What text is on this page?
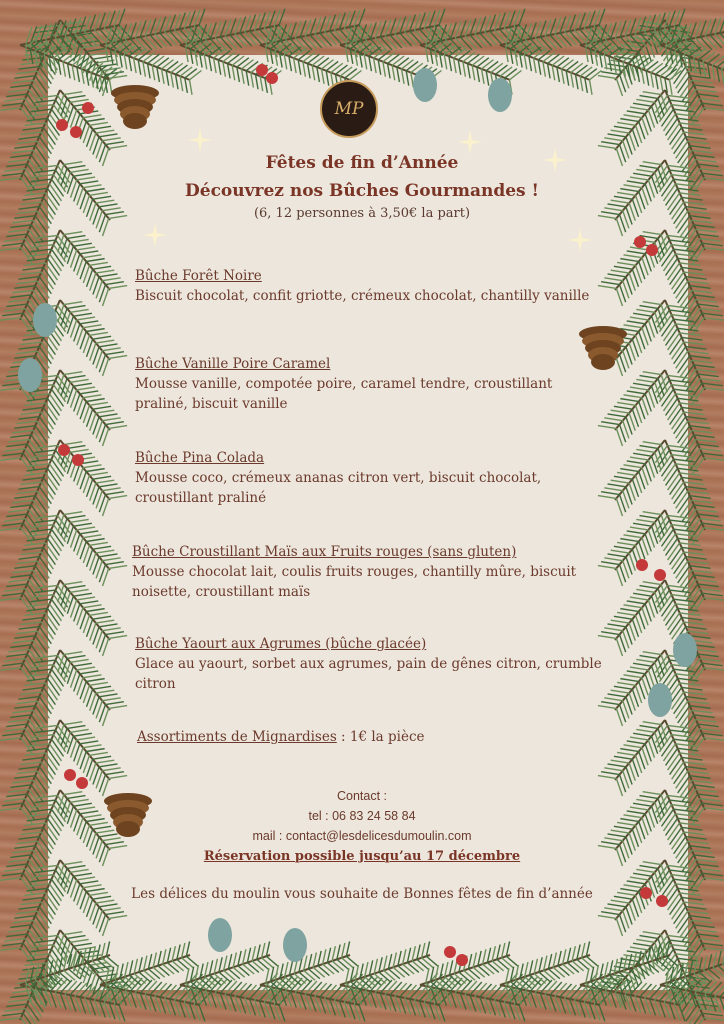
MP
Fêtes de fin d’Année
Découvrez nos Bûches Gourmandes !
(6, 12 personnes à 3,50€ la part)
Bûche Forêt Noire
Biscuit chocolat, confit griotte, crémeux chocolat, chantilly vanille
Bûche Vanille Poire Caramel
Mousse vanille, compotée poire, caramel tendre, croustillant praliné, biscuit vanille
Bûche Pina Colada
Mousse coco, crémeux ananas citron vert, biscuit chocolat, croustillant praliné
Bûche Croustillant Maïs aux Fruits rouges (sans gluten)
Mousse chocolat lait, coulis fruits rouges, chantilly mûre, biscuit noisette, croustillant maïs
Bûche Yaourt aux Agrumes (bûche glacée)
Glace au yaourt, sorbet aux agrumes, pain de gênes citron, crumble citron
Assortiments de Mignardises : 1€ la pièce
Contact :
tel : 06 83 24 58 84
mail : contact@lesdelicesdumoulin.com
Réservation possible jusqu’au 17 décembre
Les délices du moulin vous souhaite de Bonnes fêtes de fin d’année
